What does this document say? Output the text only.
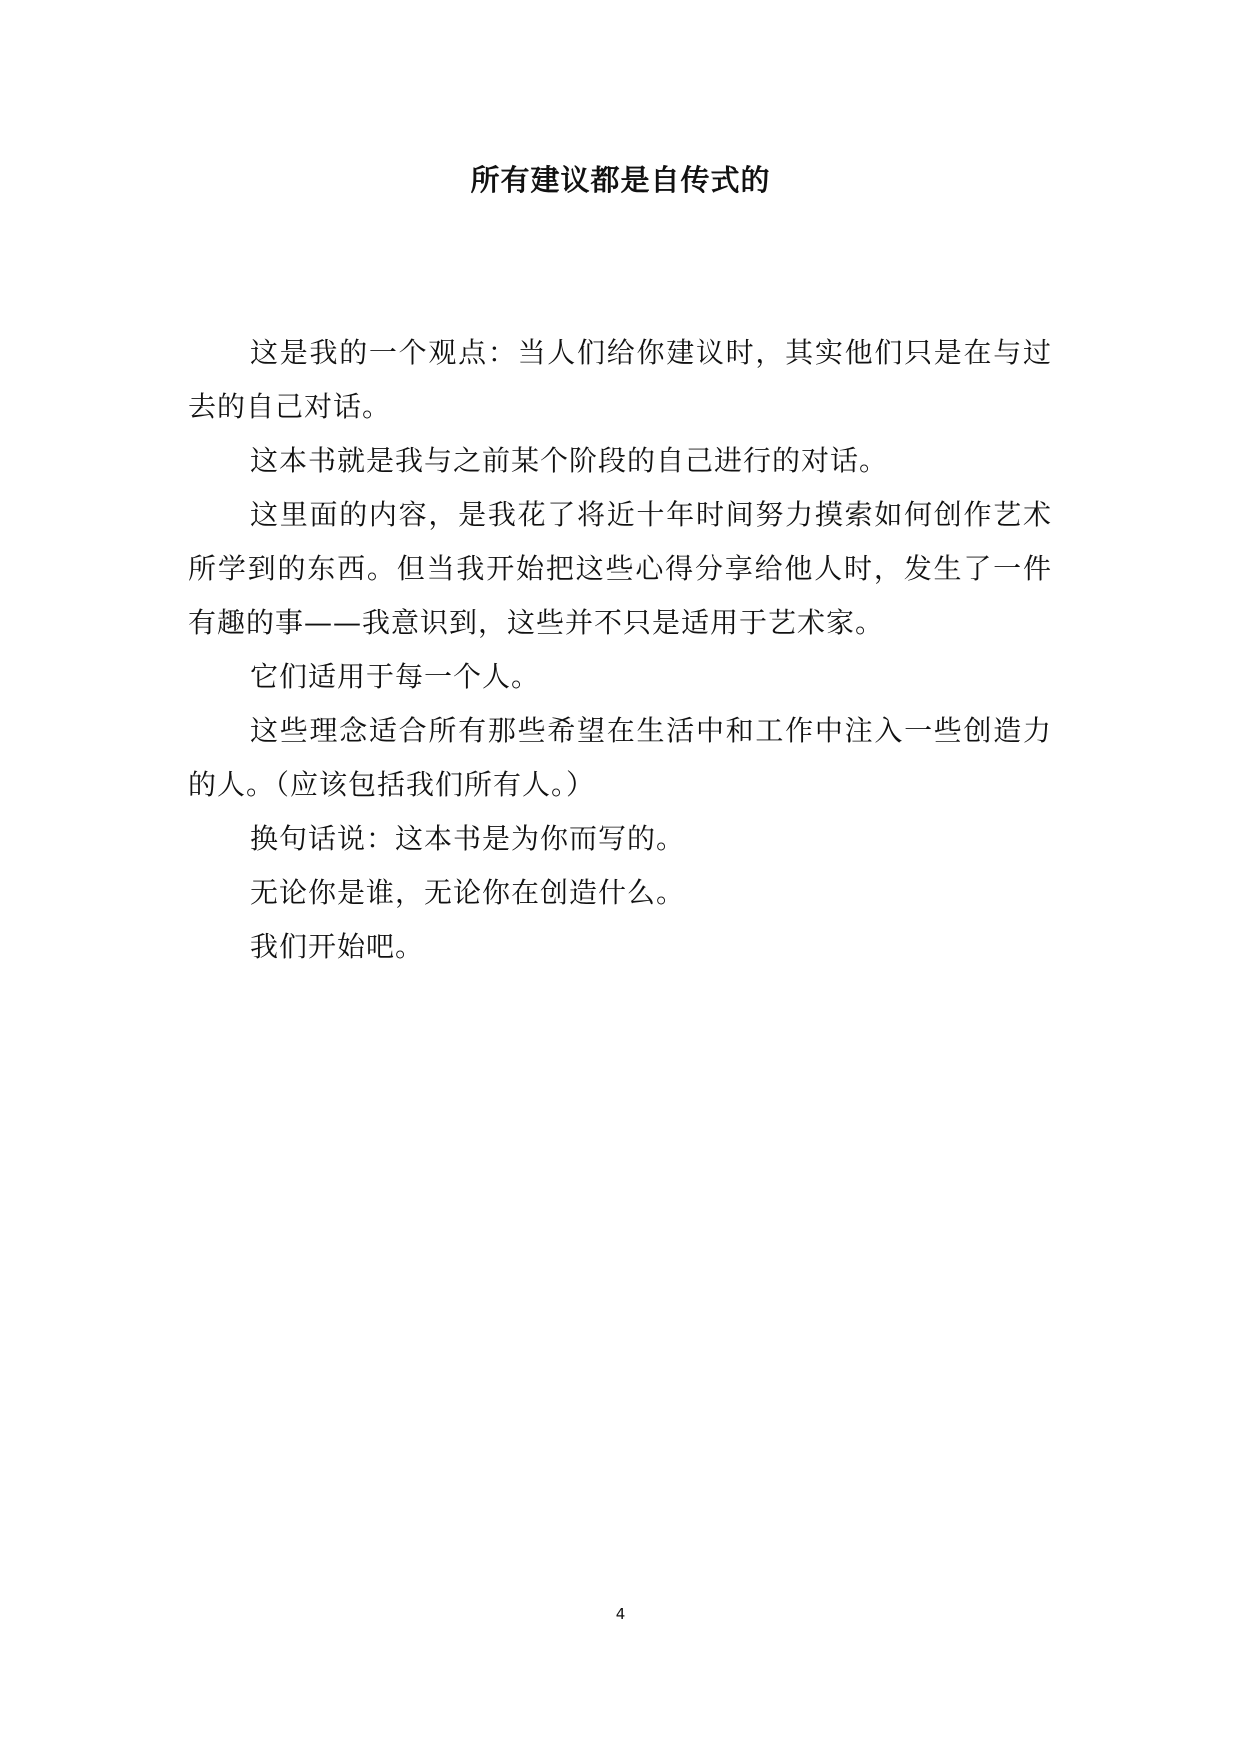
所有建议都是自传式的

这是我的一个观点：当人们给你建议时，其实他们只是在与过去的自己对话。

这本书就是我与之前某个阶段的自己进行的对话。

这里面的内容，是我花了将近十年时间努力摸索如何创作艺术所学到的东西。但当我开始把这些心得分享给他人时，发生了一件有趣的事——我意识到，这些并不只是适用于艺术家。

它们适用于每一个人。

这些理念适合所有那些希望在生活中和工作中注入一些创造力的人。（应该包括我们所有人。）

换句话说：这本书是为你而写的。

无论你是谁，无论你在创造什么。

我们开始吧。

4
